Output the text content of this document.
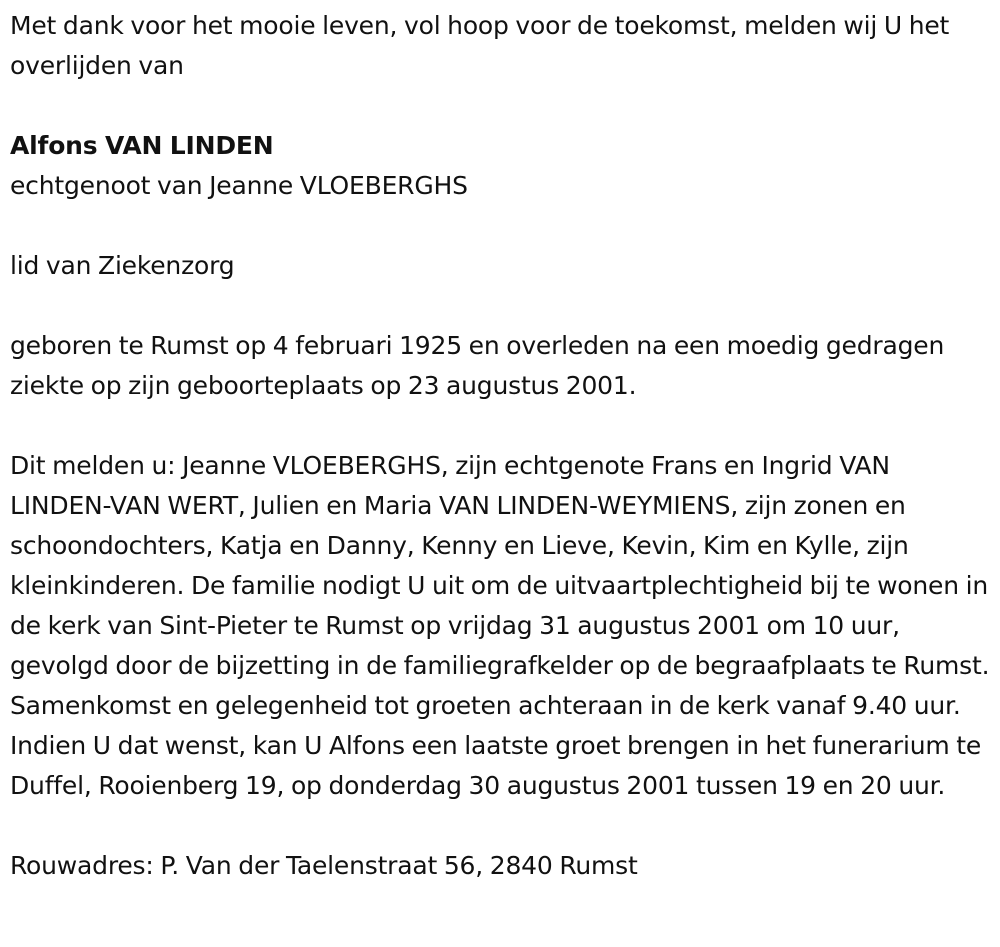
Met dank voor het mooie leven, vol hoop voor de toekomst, melden wij U het overlijden van

Alfons VAN LINDEN

echtgenoot van Jeanne VLOEBERGHS

lid van Ziekenzorg

geboren te Rumst op 4 februari 1925 en overleden na een moedig gedragen ziekte op zijn geboorteplaats op 23 augustus 2001.

Dit melden u: Jeanne VLOEBERGHS, zijn echtgenote Frans en Ingrid VAN LINDEN-VAN WERT, Julien en Maria VAN LINDEN-WEYMIENS, zijn zonen en schoondochters, Katja en Danny, Kenny en Lieve, Kevin, Kim en Kylle, zijn kleinkinderen. De familie nodigt U uit om de uitvaartplechtigheid bij te wonen in de kerk van Sint-Pieter te Rumst op vrijdag 31 augustus 2001 om 10 uur, gevolgd door de bijzetting in de familiegrafkelder op de begraafplaats te Rumst. Samenkomst en gelegenheid tot groeten achteraan in de kerk vanaf 9.40 uur. Indien U dat wenst, kan U Alfons een laatste groet brengen in het funerarium te Duffel, Rooienberg 19, op donderdag 30 augustus 2001 tussen 19 en 20 uur.

Rouwadres: P. Van der Taelenstraat 56, 2840 Rumst
